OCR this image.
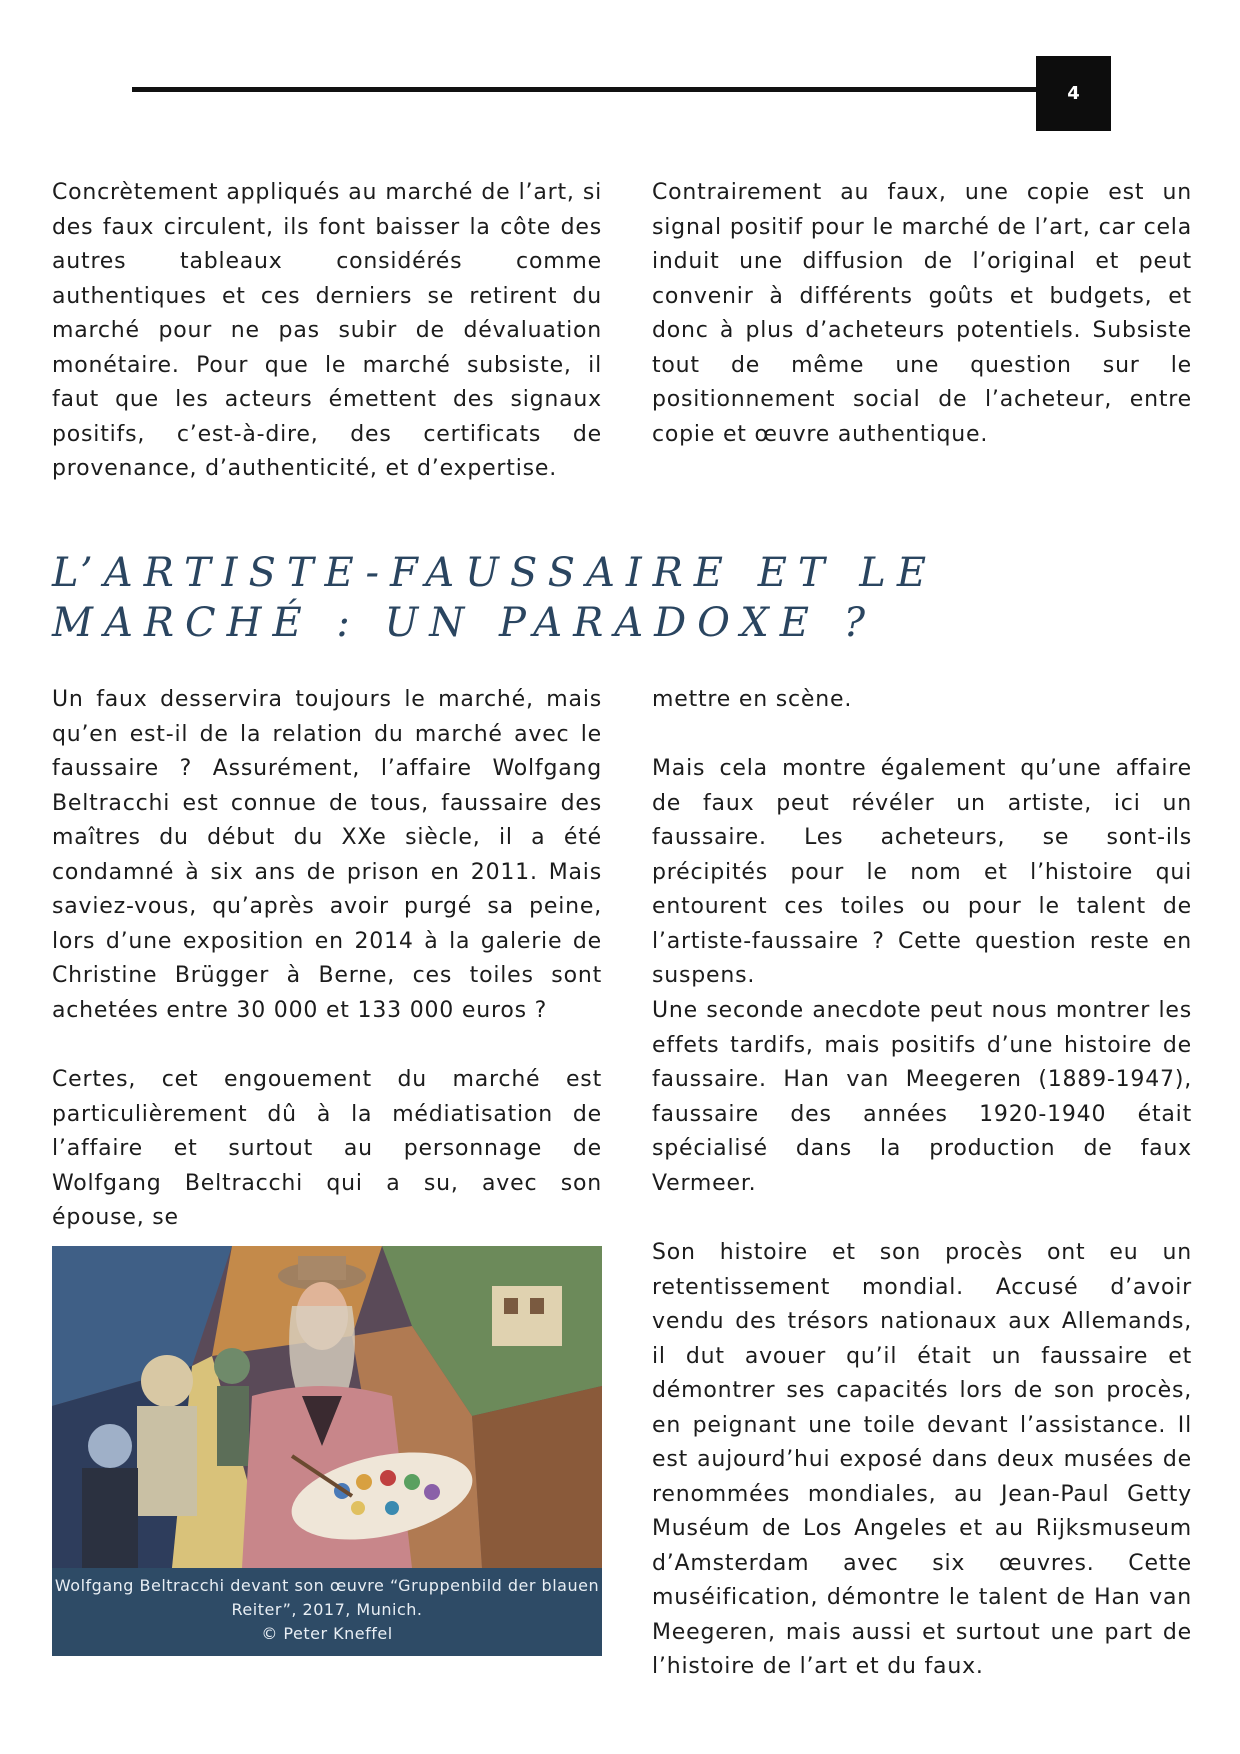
4

Concrètement appliqués au marché de l’art, si des faux circulent, ils font baisser la côte des autres tableaux considérés comme authentiques et ces derniers se retirent du marché pour ne pas subir de dévaluation monétaire. Pour que le marché subsiste, il faut que les acteurs émettent des signaux positifs, c’est-à-dire, des certificats de provenance, d’authenticité, et d’expertise.

Contrairement au faux, une copie est un signal positif pour le marché de l’art, car cela induit une diffusion de l’original et peut convenir à différents goûts et budgets, et donc à plus d’acheteurs potentiels. Subsiste tout de même une question sur le positionnement social de l’acheteur, entre copie et œuvre authentique.

L’ARTISTE-FAUSSAIRE ET LE MARCHÉ : UN PARADOXE ?

Un faux desservira toujours le marché, mais qu’en est-il de la relation du marché avec le faussaire ? Assurément, l’affaire Wolfgang Beltracchi est connue de tous, faussaire des maîtres du début du XXe siècle, il a été condamné à six ans de prison en 2011. Mais saviez-vous, qu’après avoir purgé sa peine, lors d’une exposition en 2014 à la galerie de Christine Brügger à Berne, ces toiles sont achetées entre 30 000 et 133 000 euros ?

Certes, cet engouement du marché est particulièrement dû à la médiatisation de l’affaire et surtout au personnage de Wolfgang Beltracchi qui a su, avec son épouse, se

mettre en scène.

Mais cela montre également qu’une affaire de faux peut révéler un artiste, ici un faussaire. Les acheteurs, se sont-ils précipités pour le nom et l’histoire qui entourent ces toiles ou pour le talent de l’artiste-faussaire ? Cette question reste en suspens.

Une seconde anecdote peut nous montrer les effets tardifs, mais positifs d’une histoire de faussaire. Han van Meegeren (1889-1947), faussaire des années 1920-1940 était spécialisé dans la production de faux Vermeer.

Son histoire et son procès ont eu un retentissement mondial. Accusé d’avoir vendu des trésors nationaux aux Allemands, il dut avouer qu’il était un faussaire et démontrer ses capacités lors de son procès, en peignant une toile devant l’assistance. Il est aujourd’hui exposé dans deux musées de renommées mondiales, au Jean-Paul Getty Muséum de Los Angeles et au Rijksmuseum d’Amsterdam avec six œuvres. Cette muséification, démontre le talent de Han van Meegeren, mais aussi et surtout une part de l’histoire de l’art et du faux.

Wolfgang Beltracchi devant son œuvre “Gruppenbild der blauen
Reiter”, 2017, Munich.
© Peter Kneffel
